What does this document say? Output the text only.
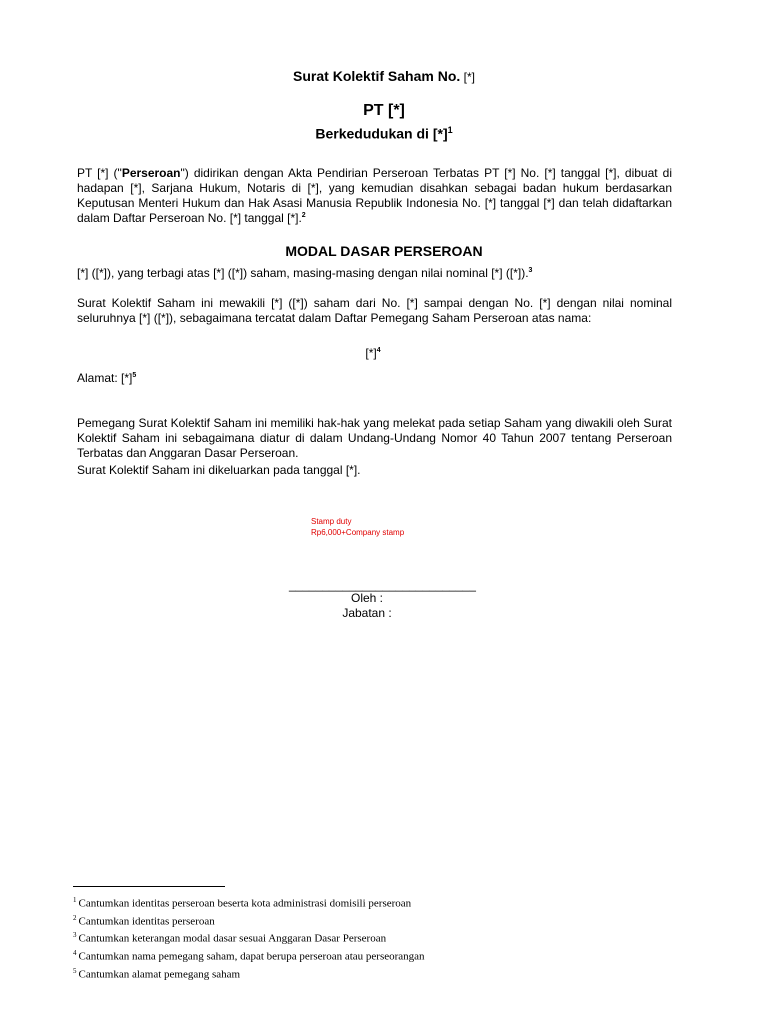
Surat Kolektif Saham No. [*]
PT [*]
Berkedudukan di $[*]^1$
PT [*] ("Perseroan") didirikan dengan Akta Pendirian Perseroan Terbatas PT [*] No. [*] tanggal [*], dibuat di hadapan [*], Sarjana Hukum, Notaris di [*], yang kemudian disahkan sebagai badan hukum berdasarkan Keputusan Menteri Hukum dan Hak Asasi Manusia Republik Indonesia No. [*] tanggal [*] dan telah didaftarkan dalam Daftar Perseroan No. [*] tanggal [*].$^2$
MODAL DASAR PERSEROAN
[*] ([*]), yang terbagi atas [*] ([*]) saham, masing-masing dengan nilai nominal [*] ([*]).$^3$
Surat Kolektif Saham ini mewakili [*] ([*]) saham dari No. [*] sampai dengan No. [*] dengan nilai nominal seluruhnya [*] ([*]), sebagaimana tercatat dalam Daftar Pemegang Saham Perseroan atas nama:
[*]$^4$
Alamat: [*]$^5$
Pemegang Surat Kolektif Saham ini memiliki hak-hak yang melekat pada setiap Saham yang diwakili oleh Surat Kolektif Saham ini sebagaimana diatur di dalam Undang-Undang Nomor 40 Tahun 2007 tentang Perseroan Terbatas dan Anggaran Dasar Perseroan.
Surat Kolektif Saham ini dikeluarkan pada tanggal [*].
Stamp duty
Rp6,000+Company stamp
____________________________
Oleh :
Jabatan :
$^1$ Cantumkan identitas perseroan beserta kota administrasi domisili perseroan
$^2$ Cantumkan identitas perseroan
$^3$ Cantumkan keterangan modal dasar sesuai Anggaran Dasar Perseroan
$^4$ Cantumkan nama pemegang saham, dapat berupa perseroan atau perseorangan
$^5$ Cantumkan alamat pemegang saham
